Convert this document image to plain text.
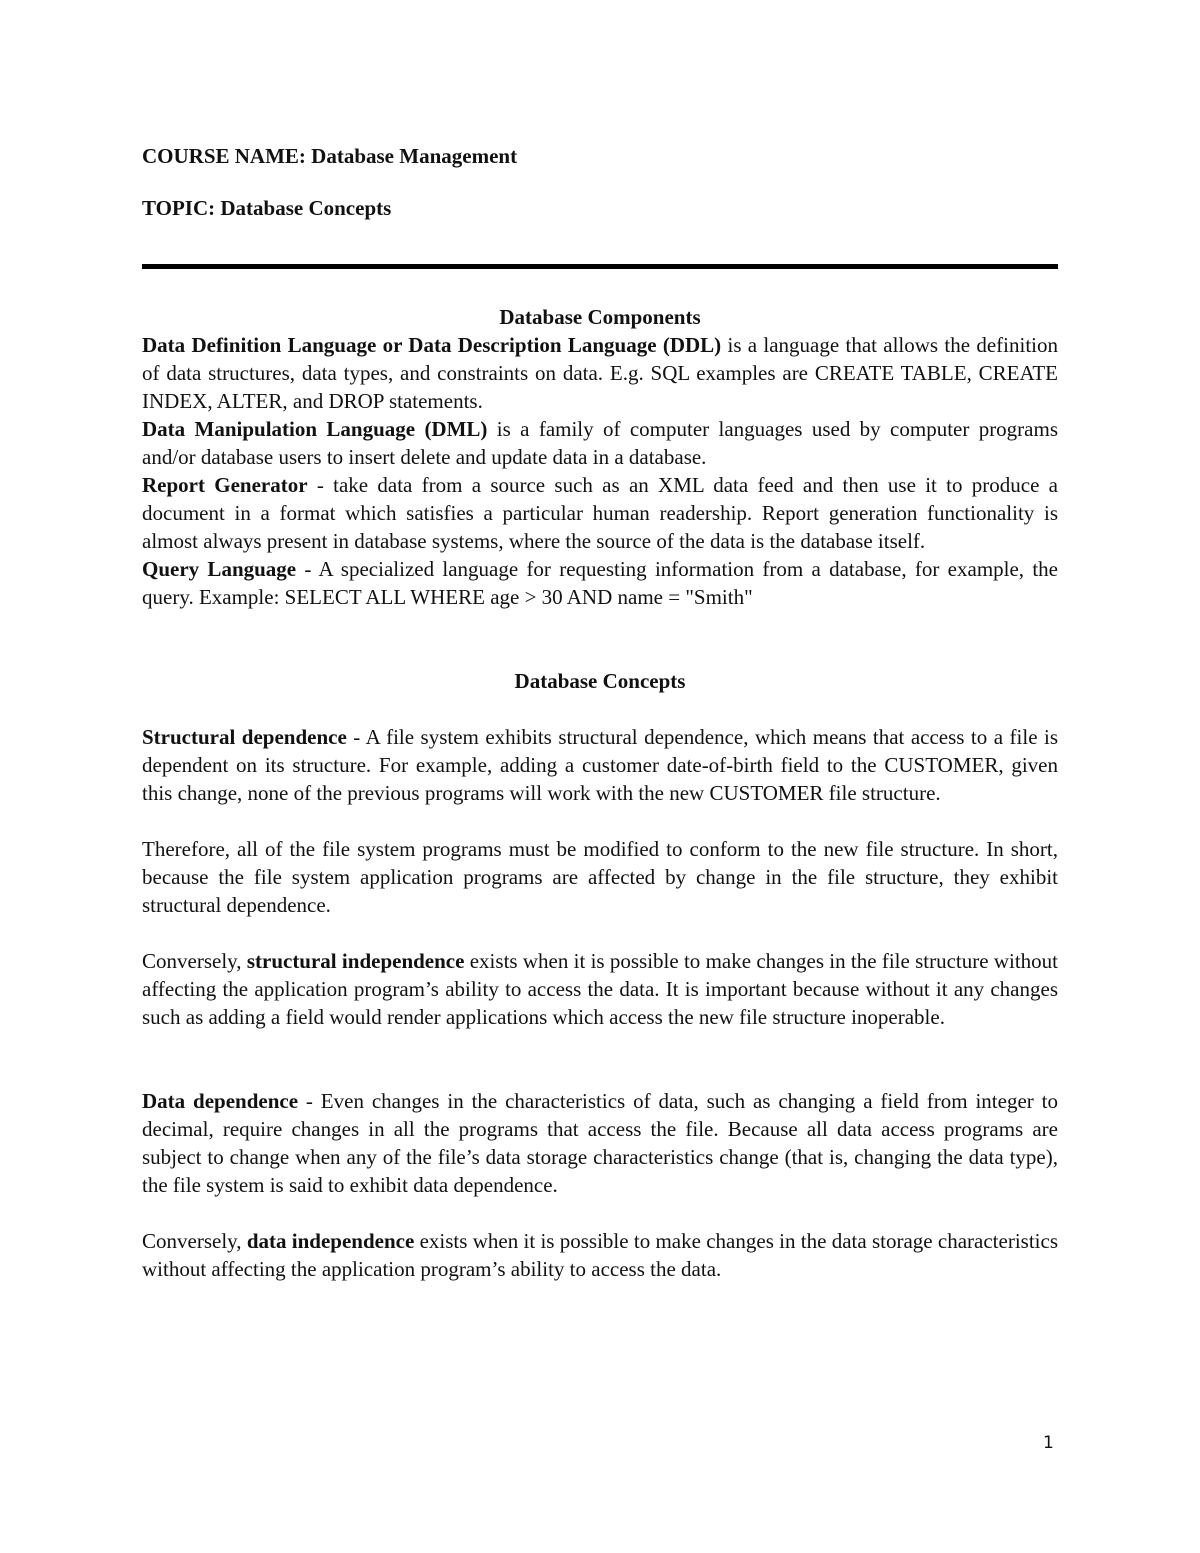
COURSE NAME: Database Management

TOPIC: Database Concepts

Database Components

Data Definition Language or Data Description Language (DDL) is a language that allows the definition of data structures, data types, and constraints on data. E.g. SQL examples are CREATE TABLE, CREATE INDEX, ALTER, and DROP statements.

Data Manipulation Language (DML) is a family of computer languages used by computer programs and/or database users to insert delete and update data in a database.

Report Generator - take data from a source such as an XML data feed and then use it to produce a document in a format which satisfies a particular human readership. Report generation functionality is almost always present in database systems, where the source of the data is the database itself.

Query Language - A specialized language for requesting information from a database, for example, the query. Example: SELECT ALL WHERE age > 30 AND name = "Smith"

Database Concepts

Structural dependence - A file system exhibits structural dependence, which means that access to a file is dependent on its structure. For example, adding a customer date-of-birth field to the CUSTOMER, given this change, none of the previous programs will work with the new CUSTOMER file structure.

Therefore, all of the file system programs must be modified to conform to the new file structure. In short, because the file system application programs are affected by change in the file structure, they exhibit structural dependence.

Conversely, structural independence exists when it is possible to make changes in the file structure without affecting the application program’s ability to access the data. It is important because without it any changes such as adding a field would render applications which access the new file structure inoperable.

Data dependence - Even changes in the characteristics of data, such as changing a field from integer to decimal, require changes in all the programs that access the file. Because all data access programs are subject to change when any of the file’s data storage characteristics change (that is, changing the data type), the file system is said to exhibit data dependence.

Conversely, data independence exists when it is possible to make changes in the data storage characteristics without affecting the application program’s ability to access the data.

1
